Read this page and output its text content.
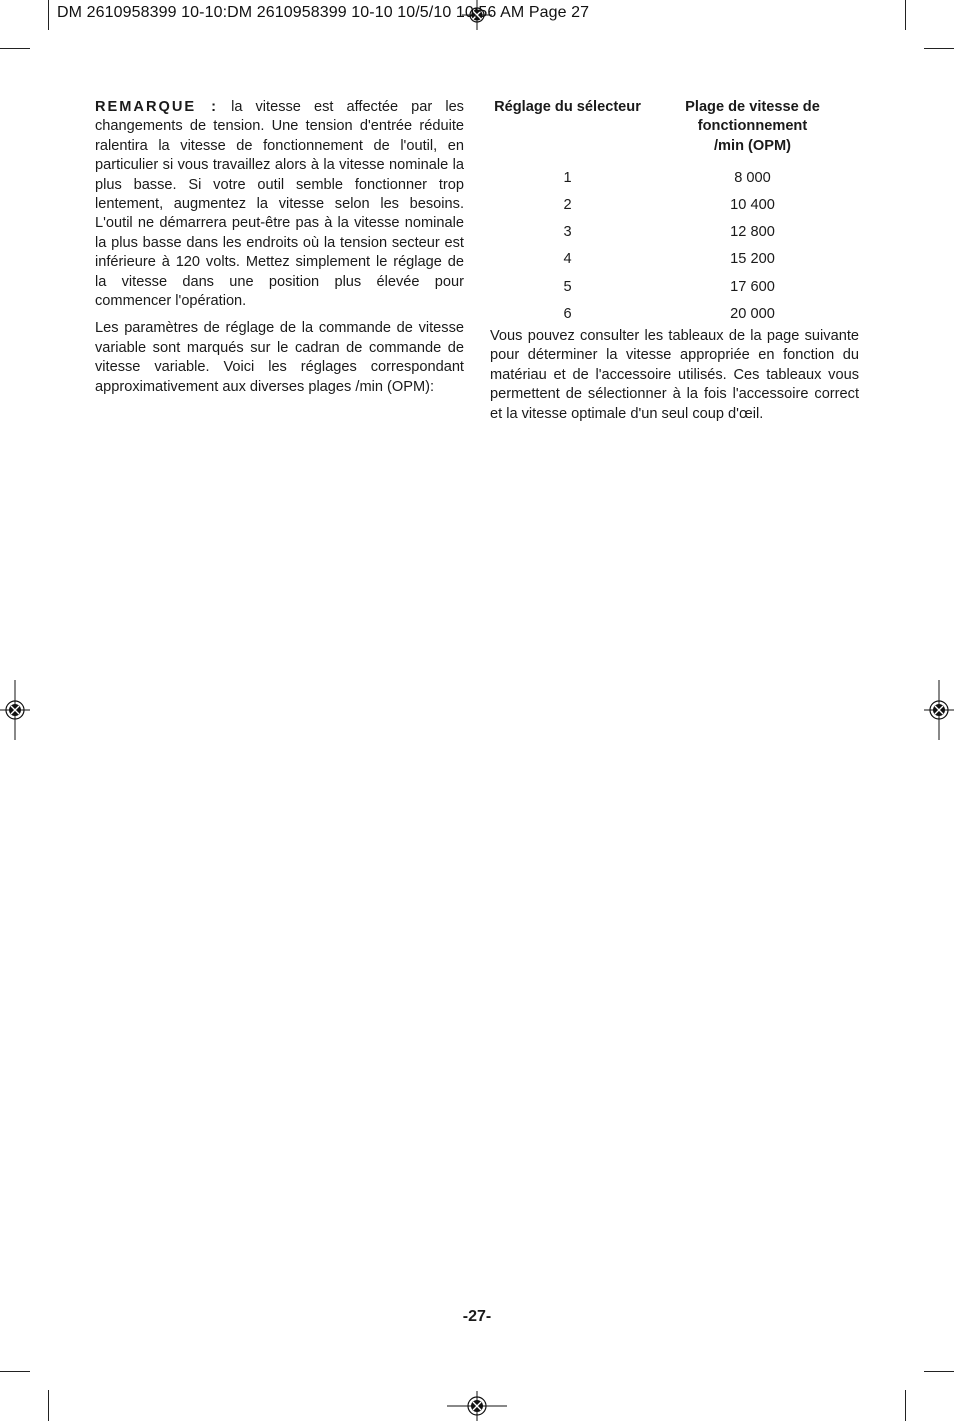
DM 2610958399 10-10:DM 2610958399 10-10 10/5/10 10:56 AM Page 27

REMARQUE : la vitesse est affectée par les changements de tension. Une tension d'entrée réduite ralentira la vitesse de fonctionnement de l'outil, en particulier si vous travaillez alors à la vitesse nominale la plus basse. Si votre outil semble fonctionner trop lentement, augmentez la vitesse selon les besoins. L'outil ne démarrera peut-être pas à la vitesse nominale la plus basse dans les endroits où la tension secteur est inférieure à 120 volts. Mettez simplement le réglage de la vitesse dans une position plus élevée pour commencer l'opération.

Les paramètres de réglage de la commande de vitesse variable sont marqués sur le cadran de commande de vitesse variable. Voici les réglages correspondant approximativement aux diverses plages /min (OPM):

Réglage du sélecteur	Plage de vitesse de
fonctionnement
/min (OPM)

1	8 000
2	10 400
3	12 800
4	15 200
5	17 600
6	20 000

Vous pouvez consulter les tableaux de la page suivante pour déterminer la vitesse appropriée en fonction du matériau et de l'accessoire utilisés. Ces tableaux vous permettent de sélectionner à la fois l'accessoire correct et la vitesse optimale d'un seul coup d'œil.

-27-
